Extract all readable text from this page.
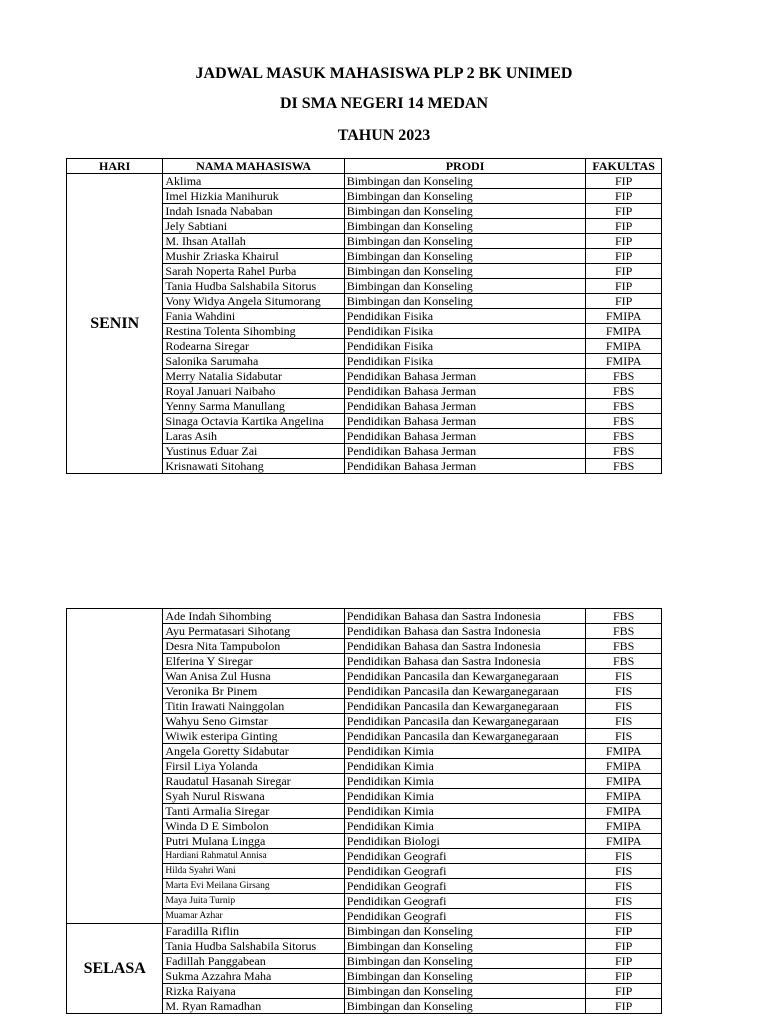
JADWAL MASUK MAHASISWA PLP 2 BK UNIMED
DI SMA NEGERI 14 MEDAN
TAHUN 2023
HARI	NAMA MAHASISWA	PRODI	FAKULTAS
SENIN	Aklima	Bimbingan dan Konseling	FIP
	Imel Hizkia Manihuruk	Bimbingan dan Konseling	FIP
	Indah Isnada Nababan	Bimbingan dan Konseling	FIP
	Jely Sabtiani	Bimbingan dan Konseling	FIP
	M. Ihsan Atallah	Bimbingan dan Konseling	FIP
	Mushir Zriaska Khairul	Bimbingan dan Konseling	FIP
	Sarah Noperta Rahel Purba	Bimbingan dan Konseling	FIP
	Tania Hudba Salshabila Sitorus	Bimbingan dan Konseling	FIP
	Vony Widya Angela Situmorang	Bimbingan dan Konseling	FIP
	Fania Wahdini	Pendidikan Fisika	FMIPA
	Restina Tolenta Sihombing	Pendidikan Fisika	FMIPA
	Rodearna Siregar	Pendidikan Fisika	FMIPA
	Salonika Sarumaha	Pendidikan Fisika	FMIPA
	Merry Natalia Sidabutar	Pendidikan Bahasa Jerman	FBS
	Royal Januari Naibaho	Pendidikan Bahasa Jerman	FBS
	Yenny Sarma Manullang	Pendidikan Bahasa Jerman	FBS
	Sinaga Octavia Kartika Angelina	Pendidikan Bahasa Jerman	FBS
	Laras Asih	Pendidikan Bahasa Jerman	FBS
	Yustinus Eduar Zai	Pendidikan Bahasa Jerman	FBS
	Krisnawati Sitohang	Pendidikan Bahasa Jerman	FBS
	Ade Indah Sihombing	Pendidikan Bahasa dan Sastra Indonesia	FBS
	Ayu Permatasari Sihotang	Pendidikan Bahasa dan Sastra Indonesia	FBS
	Desra Nita Tampubolon	Pendidikan Bahasa dan Sastra Indonesia	FBS
	Elferina Y Siregar	Pendidikan Bahasa dan Sastra Indonesia	FBS
	Wan Anisa Zul Husna	Pendidikan Pancasila dan Kewarganegaraan	FIS
	Veronika Br Pinem	Pendidikan Pancasila dan Kewarganegaraan	FIS
	Titin Irawati Nainggolan	Pendidikan Pancasila dan Kewarganegaraan	FIS
	Wahyu Seno Gimstar	Pendidikan Pancasila dan Kewarganegaraan	FIS
	Wiwik esteripa Ginting	Pendidikan Pancasila dan Kewarganegaraan	FIS
	Angela Goretty Sidabutar	Pendidikan Kimia	FMIPA
	Firsil Liya Yolanda	Pendidikan Kimia	FMIPA
	Raudatul Hasanah Siregar	Pendidikan Kimia	FMIPA
	Syah Nurul Riswana	Pendidikan Kimia	FMIPA
	Tanti Armalia Siregar	Pendidikan Kimia	FMIPA
	Winda D E Simbolon	Pendidikan Kimia	FMIPA
	Putri Mulana Lingga	Pendidikan Biologi	FMIPA
	Hardiani Rahmatul Annisa	Pendidikan Geografi	FIS
	Hilda Syahri Wani	Pendidikan Geografi	FIS
	Marta Evi Meilana Girsang	Pendidikan Geografi	FIS
	Maya Juita Turnip	Pendidikan Geografi	FIS
	Muamar Azhar	Pendidikan Geografi	FIS
SELASA	Faradilla Riflin	Bimbingan dan Konseling	FIP
	Tania Hudba Salshabila Sitorus	Bimbingan dan Konseling	FIP
	Fadillah Panggabean	Bimbingan dan Konseling	FIP
	Sukma Azzahra Maha	Bimbingan dan Konseling	FIP
	Rizka Raiyana	Bimbingan dan Konseling	FIP
	M. Ryan Ramadhan	Bimbingan dan Konseling	FIP
